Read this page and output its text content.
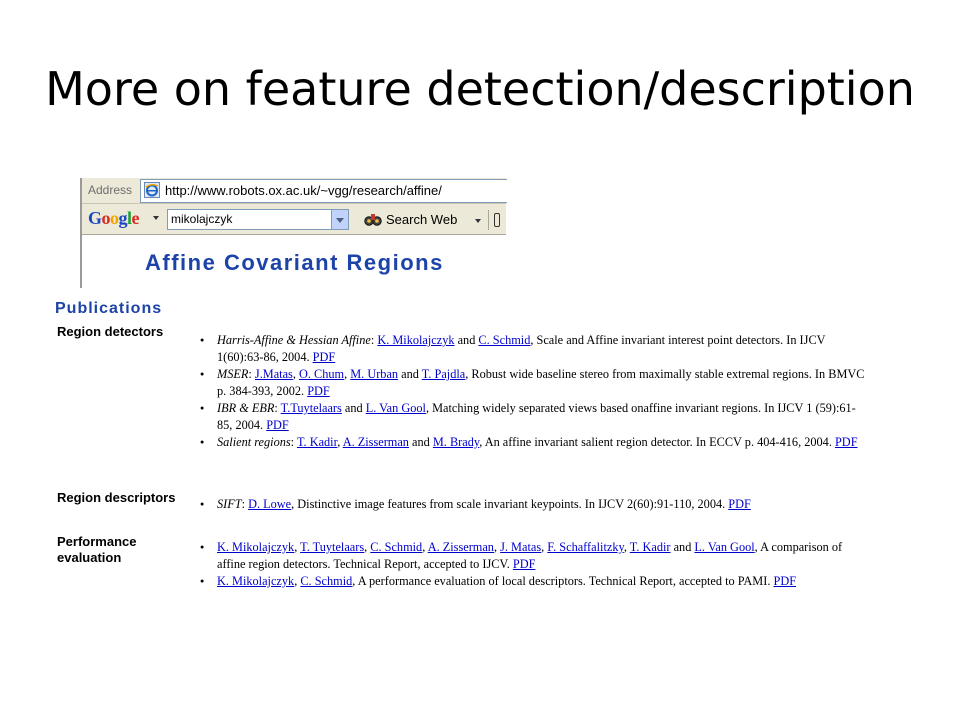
More on feature detection/description
Address	http://www.robots.ox.ac.uk/~vgg/research/affine/
Google	mikolajczyk	Search Web
Affine Covariant Regions
Publications
Region detectors
● Harris-Affine & Hessian Affine: K. Mikolajczyk and C. Schmid, Scale and Affine invariant interest point detectors. In IJCV 1(60):63-86, 2004. PDF
● MSER: J.Matas, O. Chum, M. Urban and T. Pajdla, Robust wide baseline stereo from maximally stable extremal regions. In BMVC p. 384-393, 2002. PDF
● IBR & EBR: T.Tuytelaars and L. Van Gool, Matching widely separated views based onaffine invariant regions. In IJCV 1 (59):61-85, 2004. PDF
● Salient regions: T. Kadir, A. Zisserman and M. Brady, An affine invariant salient region detector. In ECCV p. 404-416, 2004. PDF
Region descriptors
●	SIFT: D. Lowe, Distinctive image features from scale invariant keypoints. In IJCV 2(60):91-110, 2004. PDF
Performance evaluation
● K. Mikolajczyk, T. Tuytelaars, C. Schmid, A. Zisserman, J. Matas, F. Schaffalitzky, T. Kadir and L. Van Gool, A comparison of affine region detectors. Technical Report, accepted to IJCV. PDF
● K. Mikolajczyk, C. Schmid, A performance evaluation of local descriptors. Technical Report, accepted to PAMI. PDF
